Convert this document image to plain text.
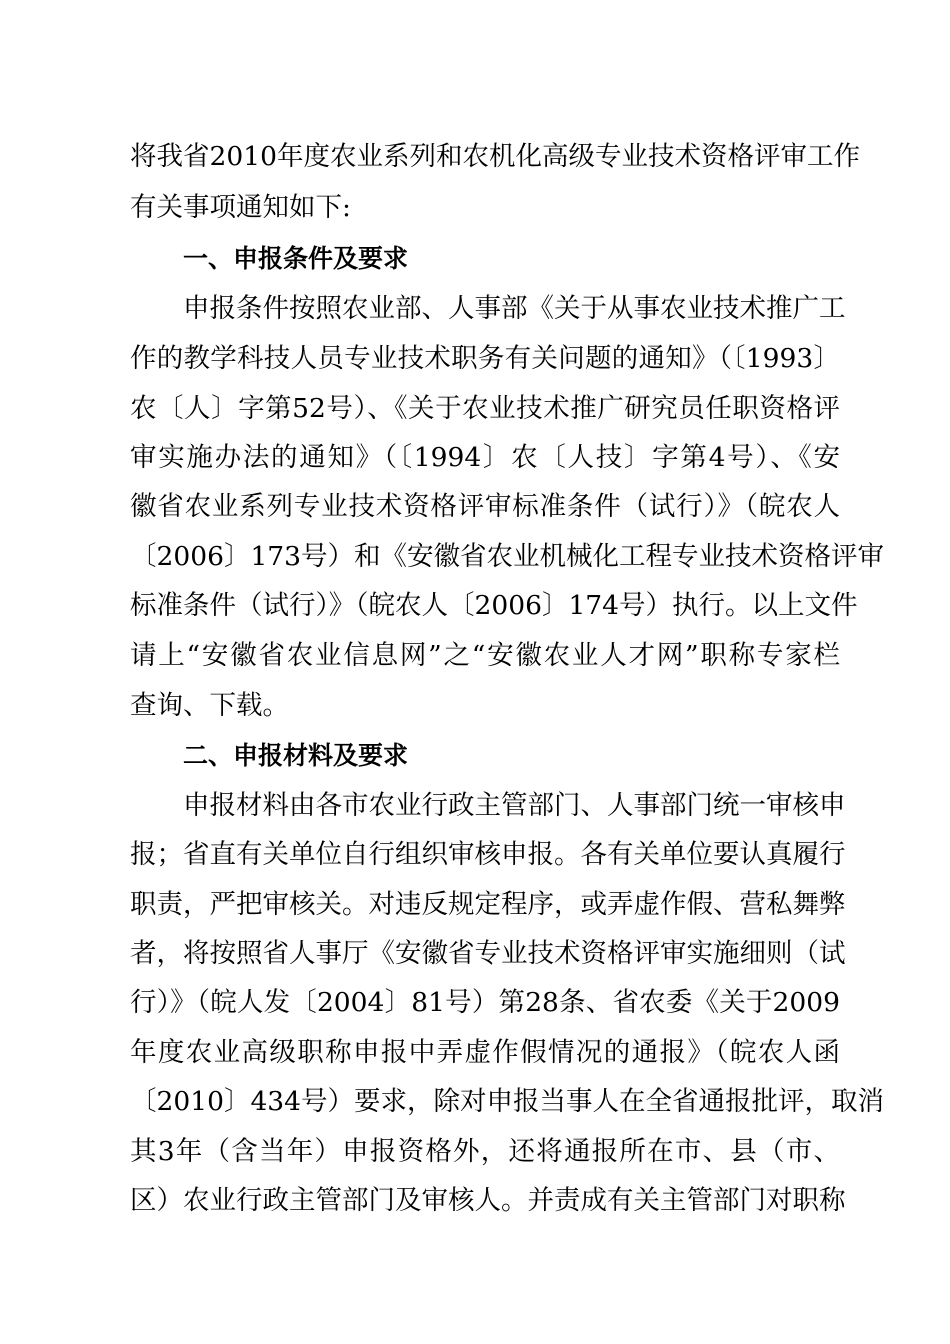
将我省2010年度农业系列和农机化高级专业技术资格评审工作
有关事项通知如下:
一、申报条件及要求
申报条件按照农业部、人事部《关于从事农业技术推广工
作的教学科技人员专业技术职务有关问题的通知》（〔1993〕
农〔人〕字第52号）、《关于农业技术推广研究员任职资格评
审实施办法的通知》（〔1994〕农〔人技〕字第4号）、《安
徽省农业系列专业技术资格评审标准条件（试行）》（皖农人
〔2006〕173号）和《安徽省农业机械化工程专业技术资格评审
标准条件（试行）》（皖农人〔2006〕174号）执行。以上文件
请上“安徽省农业信息网”之“安徽农业人才网”职称专家栏
查询、下载。
二、申报材料及要求
申报材料由各市农业行政主管部门、人事部门统一审核申
报；省直有关单位自行组织审核申报。各有关单位要认真履行
职责，严把审核关。对违反规定程序，或弄虚作假、营私舞弊
者，将按照省人事厅《安徽省专业技术资格评审实施细则（试
行）》（皖人发〔2004〕81号）第28条、省农委《关于2009
年度农业高级职称申报中弄虚作假情况的通报》（皖农人函
〔2010〕434号）要求，除对申报当事人在全省通报批评，取消
其3年（含当年）申报资格外，还将通报所在市、县（市、
区）农业行政主管部门及审核人。并责成有关主管部门对职称
